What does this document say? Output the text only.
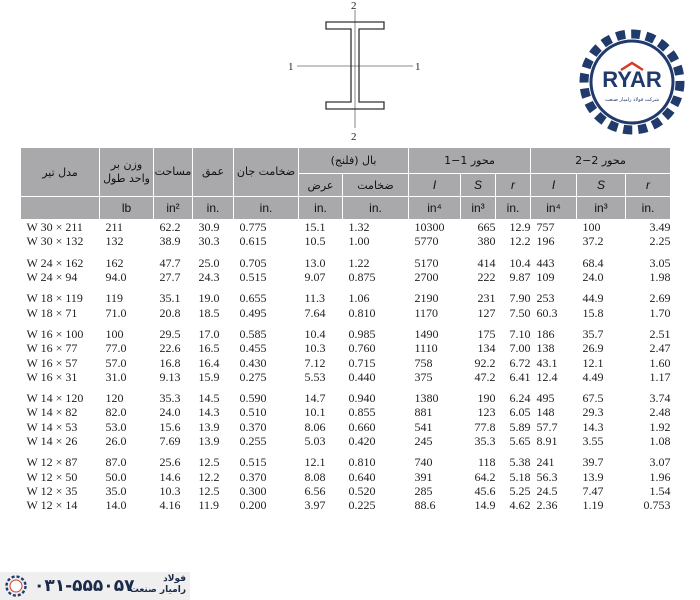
2
2
1	1	RYAR
شرکت فولاد رامیار صنعت
مدل تیر	وزن بر واحد طول	مساحت	عمق	ضخامت جان	بال (فلنج)		محور 1−1			محور 2−2		
					عرض	ضخامت	I	S	r	I	S	r
	lb	in²	in.	in.	in.	in.	in⁴	in³	in.	in⁴	in³	in.
W 30 × 211	211	62.2	30.9	0.775	15.1	1.32	10300	665	12.9	757	100	3.49
W 30 × 132	132	38.9	30.3	0.615	10.5	1.00	5770	380	12.2	196	37.2	2.25

W 24 × 162	162	47.7	25.0	0.705	13.0	1.22	5170	414	10.4	443	68.4	3.05
W 24 × 94	94.0	27.7	24.3	0.515	9.07	0.875	2700	222	9.87	109	24.0	1.98

W 18 × 119	119	35.1	19.0	0.655	11.3	1.06	2190	231	7.90	253	44.9	2.69
W 18 × 71	71.0	20.8	18.5	0.495	7.64	0.810	1170	127	7.50	60.3	15.8	1.70

W 16 × 100	100	29.5	17.0	0.585	10.4	0.985	1490	175	7.10	186	35.7	2.51
W 16 × 77	77.0	22.6	16.5	0.455	10.3	0.760	1110	134	7.00	138	26.9	2.47
W 16 × 57	57.0	16.8	16.4	0.430	7.12	0.715	758	92.2	6.72	43.1	12.1	1.60
W 16 × 31	31.0	9.13	15.9	0.275	5.53	0.440	375	47.2	6.41	12.4	4.49	1.17

W 14 × 120	120	35.3	14.5	0.590	14.7	0.940	1380	190	6.24	495	67.5	3.74
W 14 × 82	82.0	24.0	14.3	0.510	10.1	0.855	881	123	6.05	148	29.3	2.48
W 14 × 53	53.0	15.6	13.9	0.370	8.06	0.660	541	77.8	5.89	57.7	14.3	1.92
W 14 × 26	26.0	7.69	13.9	0.255	5.03	0.420	245	35.3	5.65	8.91	3.55	1.08

W 12 × 87	87.0	25.6	12.5	0.515	12.1	0.810	740	118	5.38	241	39.7	3.07
W 12 × 50	50.0	14.6	12.2	0.370	8.08	0.640	391	64.2	5.18	56.3	13.9	1.96
W 12 × 35	35.0	10.3	12.5	0.300	6.56	0.520	285	45.6	5.25	24.5	7.47	1.54
W 12 × 14	14.0	4.16	11.9	0.200	3.97	0.225	88.6	14.9	4.62	2.36	1.19	0.753
۰۳۱-۵۵۵۰۵۷	فولاد
رامیار صنعت
